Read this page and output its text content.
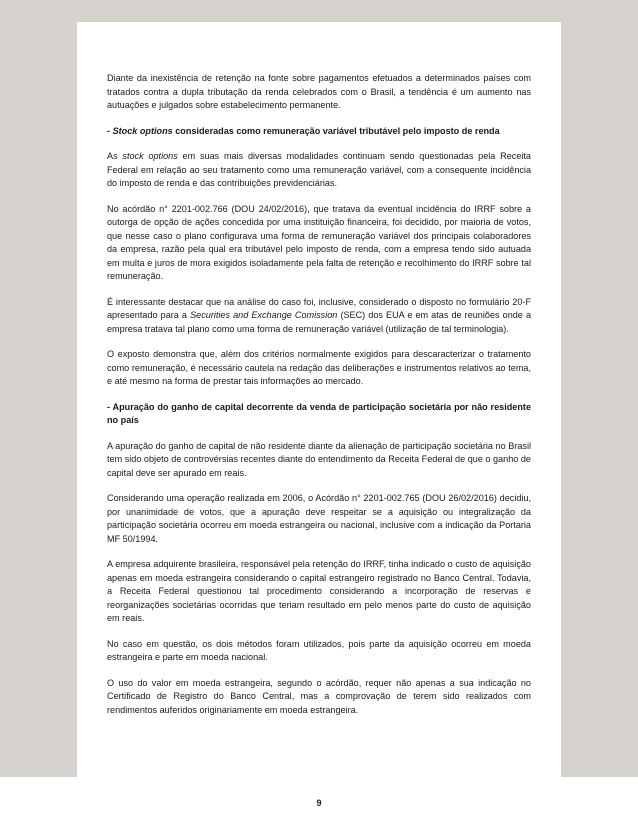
Diante da inexistência de retenção na fonte sobre pagamentos efetuados a determinados países com tratados contra a dupla tributação da renda celebrados com o Brasil, a tendência é um aumento nas autuações e julgados sobre estabelecimento permanente.

- Stock options consideradas como remuneração variável tributável pelo imposto de renda

As stock options em suas mais diversas modalidades continuam sendo questionadas pela Receita Federal em relação ao seu tratamento como uma remuneração variável, com a consequente incidência do imposto de renda e das contribuições previdenciárias.

No acórdão n° 2201-002.766 (DOU 24/02/2016), que tratava da eventual incidência do IRRF sobre a outorga de opção de ações concedida por uma instituição financeira, foi decidido, por maioria de votos, que nesse caso o plano configurava uma forma de remuneração variável dos principais colaboradores da empresa, razão pela qual era tributável pelo imposto de renda, com a empresa tendo sido autuada em multa e juros de mora exigidos isoladamente pela falta de retenção e recolhimento do IRRF sobre tal remuneração.

É interessante destacar que na análise do caso foi, inclusive, considerado o disposto no formulário 20-F apresentado para a Securities and Exchange Comission (SEC) dos EUA e em atas de reuniões onde a empresa tratava tal plano como uma forma de remuneração variável (utilização de tal terminologia).

O exposto demonstra que, além dos critérios normalmente exigidos para descaracterizar o tratamento como remuneração, é necessário cautela na redação das deliberações e instrumentos relativos ao tema, e até mesmo na forma de prestar tais informações ao mercado.

- Apuração do ganho de capital decorrente da venda de participação societária por não residente no país

A apuração do ganho de capital de não residente diante da alienação de participação societária no Brasil tem sido objeto de controvérsias recentes diante do entendimento da Receita Federal de que o ganho de capital deve ser apurado em reais.

Considerando uma operação realizada em 2006, o Acórdão n° 2201-002.765 (DOU 26/02/2016) decidiu, por unanimidade de votos, que a apuração deve respeitar se a aquisição ou integralização da participação societária ocorreu em moeda estrangeira ou nacional, inclusive com a indicação da Portaria MF 50/1994.

A empresa adquirente brasileira, responsável pela retenção do IRRF, tinha indicado o custo de aquisição apenas em moeda estrangeira considerando o capital estrangeiro registrado no Banco Central. Todavia, a Receita Federal questionou tal procedimento considerando a incorporação de reservas e reorganizações societárias ocorridas que teriam resultado em pelo menos parte do custo de aquisição em reais.

No caso em questão, os dois métodos foram utilizados, pois parte da aquisição ocorreu em moeda estrangeira e parte em moeda nacional.

O uso do valor em moeda estrangeira, segundo o acórdão, requer não apenas a sua indicação no Certificado de Registro do Banco Central, mas a comprovação de terem sido realizados com rendimentos auferidos originariamente em moeda estrangeira.

9
